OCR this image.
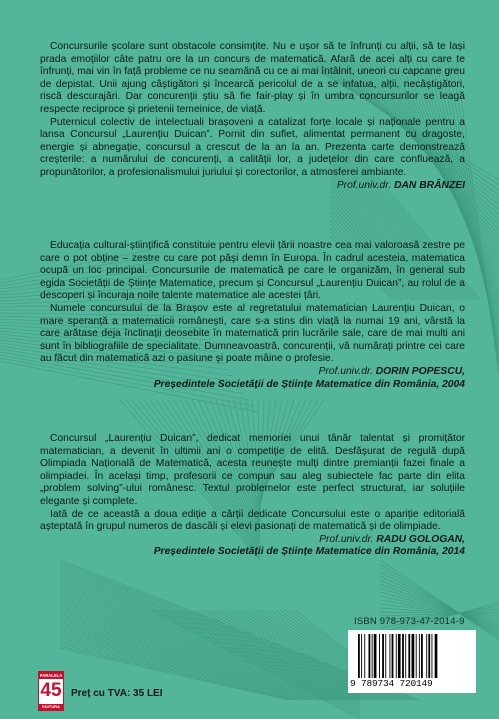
Concursurile școlare sunt obstacole consimțite. Nu e ușor să te înfrunți cu alții, să te lași prada emoțiilor câte patru ore la un concurs de matematică. Afară de acei alți cu care te înfrunți, mai vin în față probleme ce nu seamănă cu ce ai mai întâlnit, uneori cu capcane greu de depistat. Unii ajung câștigători și încearcă pericolul de a se infatua, alții, necâștigători, riscă descurajări. Dar concurenții știu să fie fair-play și în umbra concursurilor se leagă respecte reciproce și prietenii temeinice, de viață.

Puternicul colectiv de intelectuali brașoveni a catalizat forțe locale și naționale pentru a lansa Concursul „Laurențiu Duican”. Pornit din suflet, alimentat permanent cu dragoste, energie și abnegație, concursul a crescut de la an la an. Prezenta carte demonstrează creșterile: a numărului de concurenți, a calității lor, a județelor din care confluează, a propunătorilor, a profesionalismului juriului și corectorilor, a atmosferei ambiante.

Prof.univ.dr. DAN BRÂNZEI

Educația cultural-științifică constituie pentru elevii țării noastre cea mai valoroasă zestre pe care o pot obține – zestre cu care pot păși demn în Europa. În cadrul acesteia, matematica ocupă un loc principal. Concursurile de matematică pe care le organizăm, în general sub egida Societății de Științe Matematice, precum și Concursul „Laurențiu Duican”, au rolul de a descoperi și încuraja noile talente matematice ale acestei țări.

Numele concursului de la Brașov este al regretatului matematician Laurențiu Duican, o mare speranță a matematicii românești, care s-a stins din viață la numai 19 ani, vârstă la care arătase deja înclinații deosebite în matematică prin lucrările sale, care de mai multi ani sunt în bibliografiile de specialitate. Dumneavoastră, concurenții, vă numărați printre cei care au făcut din matematică azi o pasiune și poate mâine o profesie.

Prof.univ.dr. DORIN POPESCU,
Președintele Societății de Științe Matematice din România, 2004

Concursul „Laurențiu Duican”, dedicat memoriei unui tânăr talentat și promițător matematician, a devenit în ultimii ani o competiție de elită. Desfășurat de regulă după Olimpiada Națională de Matematică, acesta reunește mulți dintre premianții fazei finale a olimpiadei. În același timp, profesorii ce compun sau aleg subiectele fac parte din elita „problem solving”-ului românesc. Textul problemelor este perfect structurat, iar soluțiile elegante și complete.

Iată de ce această a doua ediție a cărții dedicate Concursului este o apariție editorială așteptată în grupul numeros de dascăli și elevi pasionați de matematică și de olimpiade.

Prof.univ.dr. RADU GOLOGAN,
Președintele Societății de Științe Matematice din România, 2014
ISBN 978-973-47-2014-9
9 789734 720149
PARALELA
45
EDITURA
Preț cu TVA: 35 LEI
